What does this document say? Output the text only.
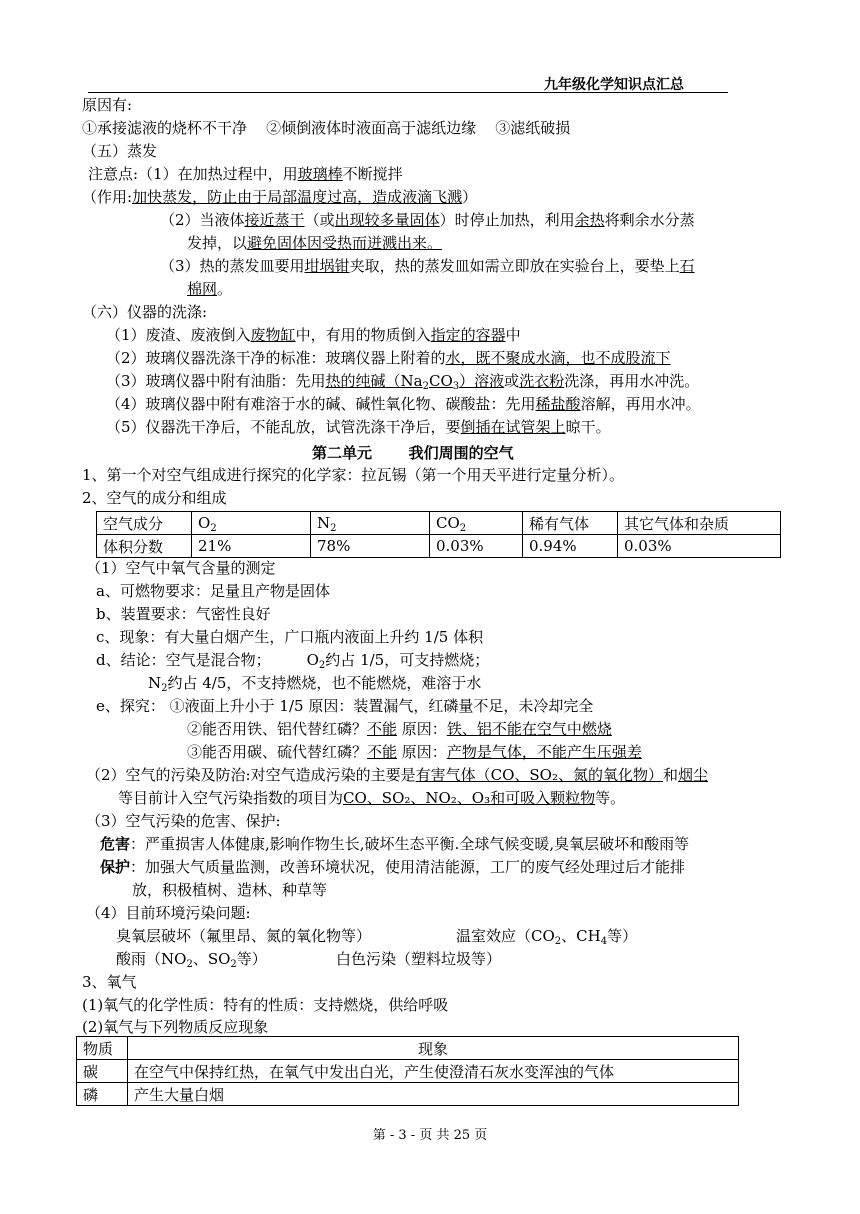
九年级化学知识点汇总
原因有:
①承接滤液的烧杯不干净 ②倾倒液体时液面高于滤纸边缘 ③滤纸破损
（五）蒸发
注意点:（1）在加热过程中，用玻璃棒不断搅拌
（作用:加快蒸发，防止由于局部温度过高，造成液滴飞溅）
（2）当液体接近蒸干（或出现较多量固体）时停止加热，利用余热将剩余水分蒸
发掉，以避免固体因受热而迸溅出来。
（3）热的蒸发皿要用坩埚钳夹取，热的蒸发皿如需立即放在实验台上，要垫上石
棉网。
（六）仪器的洗涤:
（1）废渣、废液倒入废物缸中，有用的物质倒入指定的容器中
（2）玻璃仪器洗涤干净的标准：玻璃仪器上附着的水，既不聚成水滴，也不成股流下
（3）玻璃仪器中附有油脂：先用热的纯碱$(Na_2CO_3)$溶液或洗衣粉洗涤，再用水冲洗。
（4）玻璃仪器中附有难溶于水的碱、碱性氧化物、碳酸盐：先用稀盐酸溶解，再用水冲。
（5）仪器洗干净后，不能乱放，试管洗涤干净后，要倒插在试管架上晾干。
第二单元 我们周围的空气
1、第一个对空气组成进行探究的化学家：拉瓦锡（第一个用天平进行定量分析）。
2、空气的成分和组成
空气成分	$O_2$	$N_2$	$CO_2$	稀有气体	其它气体和杂质
体积分数	21%	78%	0.03%	0.94%	0.03%
（1）空气中氧气含量的测定
a、可燃物要求：足量且产物是固体
b、装置要求：气密性良好
c、现象：有大量白烟产生，广口瓶内液面上升约 1/5 体积
d、结论：空气是混合物； $O_2$约占 1/5，可支持燃烧；
$N_2$约占 4/5，不支持燃烧，也不能燃烧，难溶于水
e、探究： ①液面上升小于 1/5 原因：装置漏气，红磷量不足，未冷却完全
②能否用铁、铝代替红磷？不能 原因：铁、铝不能在空气中燃烧
③能否用碳、硫代替红磷？不能 原因：产物是气体，不能产生压强差
（2）空气的污染及防治:对空气造成污染的主要是有害气体（CO、SO₂、氮的氧化物）和烟尘
等目前计入空气污染指数的项目为CO、SO₂、NO₂、O₃和可吸入颗粒物等。
（3）空气污染的危害、保护:
危害：严重损害人体健康,影响作物生长,破坏生态平衡.全球气候变暖,臭氧层破坏和酸雨等
保护：加强大气质量监测，改善环境状况，使用清洁能源，工厂的废气经处理过后才能排
放，积极植树、造林、种草等
（4）目前环境污染问题:
臭氧层破坏（氟里昂、氮的氧化物等）	温室效应（$CO_2$、$CH_4$等）
酸雨（$NO_2$、$SO_2$等）	白色污染（塑料垃圾等）
3、氧气
(1)氧气的化学性质：特有的性质：支持燃烧，供给呼吸
(2)氧气与下列物质反应现象
物质	现象
碳	在空气中保持红热，在氧气中发出白光，产生使澄清石灰水变浑浊的气体
磷	产生大量白烟
第 - 3 - 页 共 25 页
